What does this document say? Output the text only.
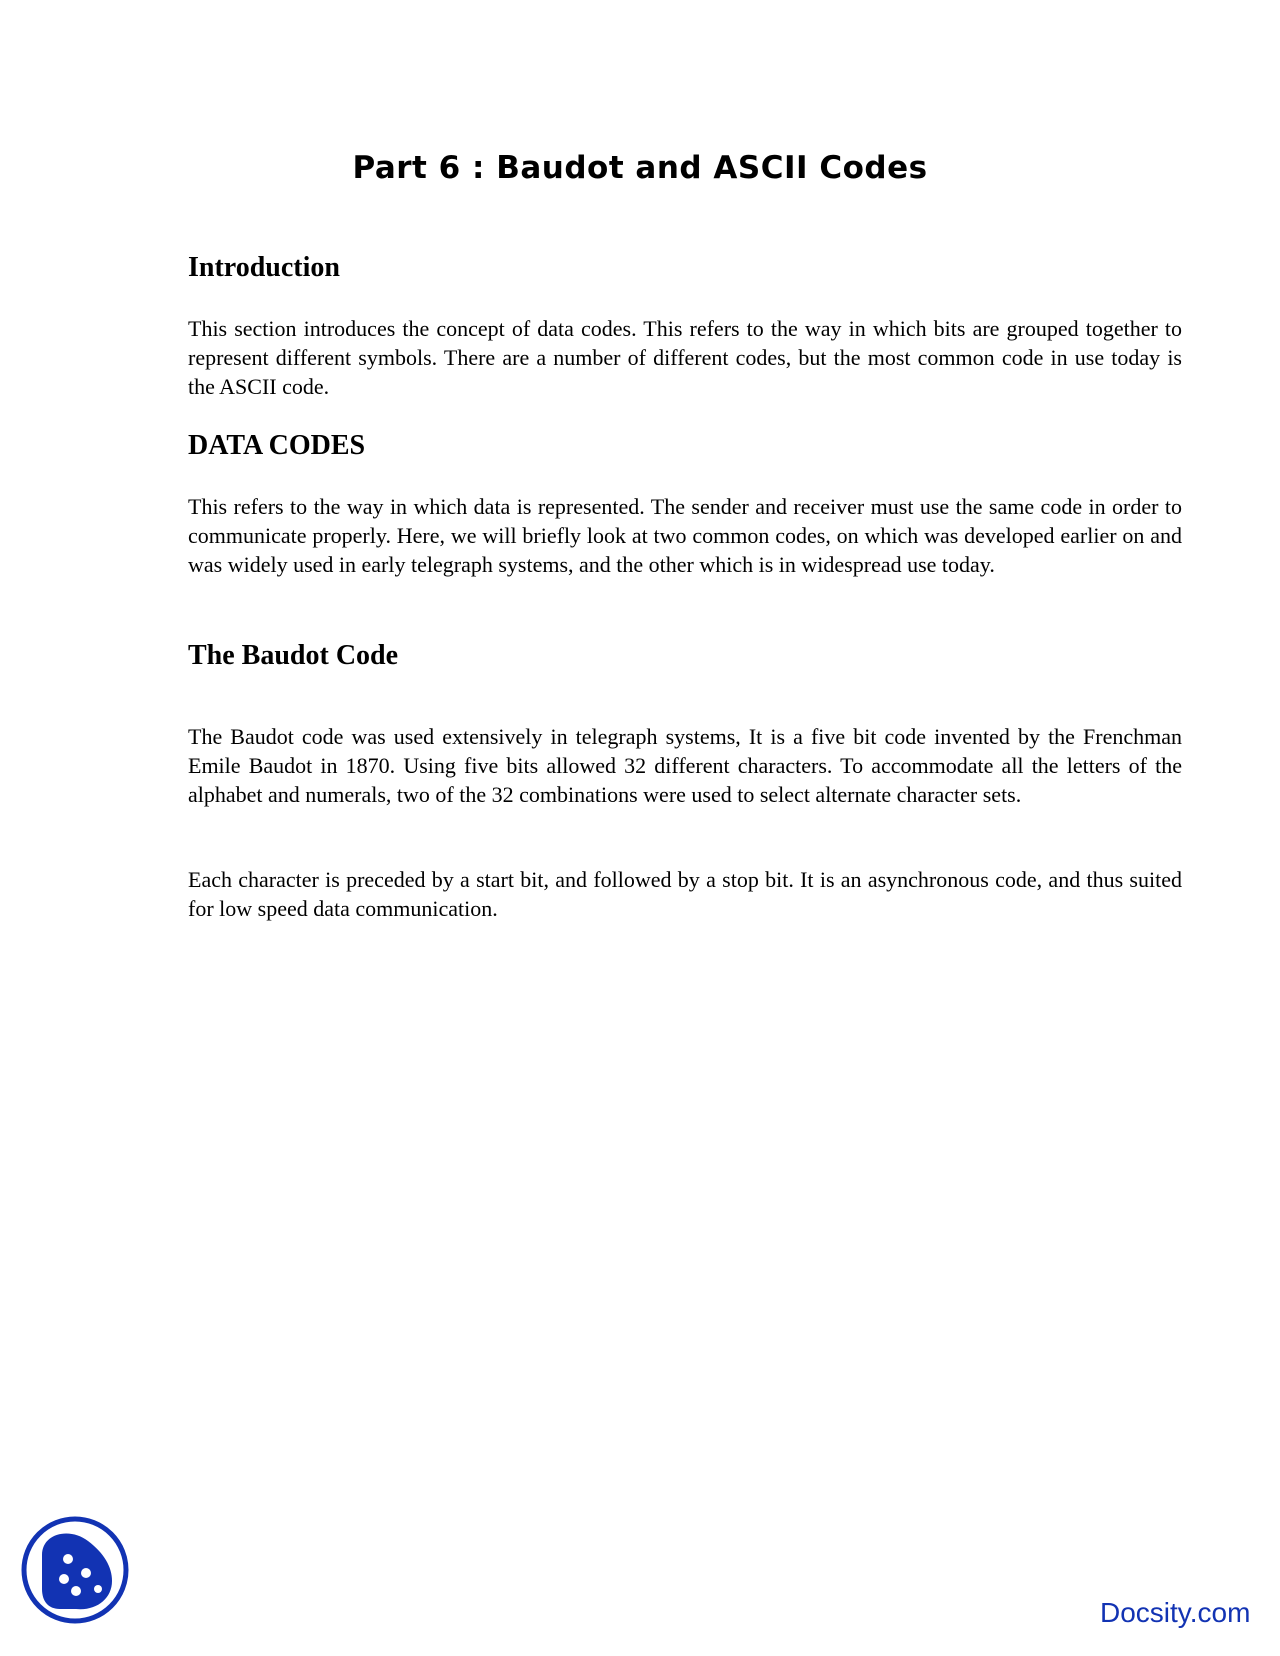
Part 6 : Baudot and ASCII Codes
Introduction

This section introduces the concept of data codes. This refers to the way in which bits are grouped together to represent different symbols. There are a number of different codes, but the most common code in use today is the ASCII code.

DATA CODES

This refers to the way in which data is represented. The sender and receiver must use the same code in order to communicate properly. Here, we will briefly look at two common codes, on which was developed earlier on and was widely used in early telegraph systems, and the other which is in widespread use today.

The Baudot Code

The Baudot code was used extensively in telegraph systems, It is a five bit code invented by the Frenchman Emile Baudot in 1870. Using five bits allowed 32 different characters. To accommodate all the letters of the alphabet and numerals, two of the 32 combinations were used to select alternate character sets.

Each character is preceded by a start bit, and followed by a stop bit. It is an asynchronous code, and thus suited for low speed data communication.

Docsity.com
